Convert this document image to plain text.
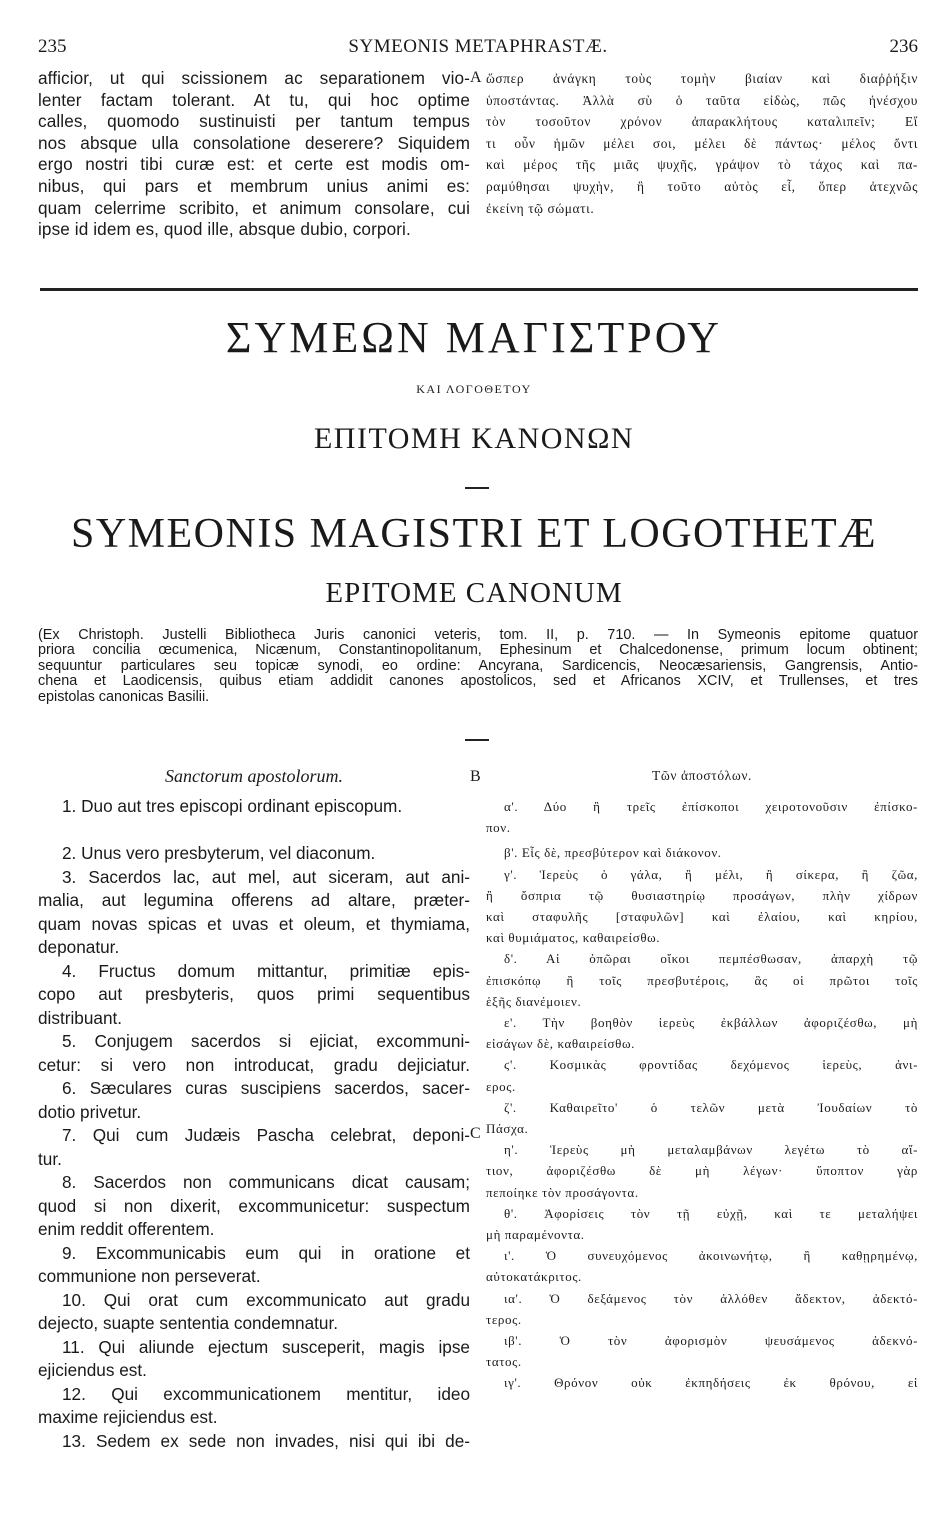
235	SYMEONIS METAPHRASTÆ.	236
afficior, ut qui scissionem ac separationem vio-
lenter factam tolerant. At tu, qui hoc optime
calles, quomodo sustinuisti per tantum tempus
nos absque ulla consolatione deserere? Siquidem
ergo nostri tibi curæ est: et certe est modis om-
nibus, qui pars et membrum unius animi es:
quam celerrime scribito, et animum consolare, cui
ipse id idem es, quod ille, absque dubio, corpori.
A ὥσπερ ἀνάγκη τοὺς τομὴν βιαίαν καὶ διαῤῥήξιν
ὑποστάντας. Ἀλλὰ σὺ ὁ ταῦτα εἰδὼς, πῶς ἠνέσχου
τὸν τοσοῦτον χρόνον ἀπαρακλήτους καταλιπεῖν; Εἴ
τι οὖν ἡμῶν μέλει σοι, μέλει δὲ πάντως· μέλος ὄντι
καὶ μέρος τῆς μιᾶς ψυχῆς, γράψον τὸ τάχος καὶ πα-
ραμύθησαι ψυχὴν, ἣ τοῦτο αὐτὸς εἶ, ὅπερ ἀτεχνῶς
ἐκείνη τῷ σώματι.
ΣΥΜΕΩΝ ΜΑΓΙΣΤΡΟΥ
ΚΑΙ ΛΟΓΟΘΕΤΟΥ
ΕΠΙΤΟΜΗ ΚΑΝΟΝΩΝ
SYMEONIS MAGISTRI ET LOGOTHETÆ
EPITOME CANONUM
(Ex Christoph. Justelli Bibliotheca Juris canonici veteris, tom. II, p. 710. — In Symeonis epitome quatuor
priora concilia œcumenica, Nicænum, Constantinopolitanum, Ephesinum et Chalcedonense, primum locum obtinent;
sequuntur particulares seu topicæ synodi, eo ordine: Ancyrana, Sardicencis, Neocæsariensis, Gangrensis, Antio-
chena et Laodicensis, quibus etiam addidit canones apostolicos, sed et Africanos XCIV, et Trullenses, et tres
epistolas canonicas Basilii.
Sanctorum apostolorum.	B	Τῶν ἀποστόλων.
1. Duo aut tres episcopi ordinant episcopum.

2. Unus vero presbyterum, vel diaconum.
3. Sacerdos lac, aut mel, aut siceram, aut ani-
malia, aut legumina offerens ad altare, præter-
quam novas spicas et uvas et oleum, et thymiama,
deponatur.
4. Fructus domum mittantur, primitiæ epis-
copo aut presbyteris, quos primi sequentibus
distribuant.
5. Conjugem sacerdos si ejiciat, excommuni-
cetur: si vero non introducat, gradu dejiciatur.
6. Sæculares curas suscipiens sacerdos, sacer-
dotio privetur.
7. Qui cum Judæis Pascha celebrat, deponi-
tur.
8. Sacerdos non communicans dicat causam;
quod si non dixerit, excommunicetur: suspectum
enim reddit offerentem.
9. Excommunicabis eum qui in oratione et
communione non perseverat.
10. Qui orat cum excommunicato aut gradu
dejecto, suapte sententia condemnatur.
11. Qui aliunde ejectum susceperit, magis ipse
ejiciendus est.
12. Qui excommunicationem mentitur, ideo
maxime rejiciendus est.
13. Sedem ex sede non invades, nisi qui ibi de-
C
α'. Δύο ἢ τρεῖς ἐπίσκοποι χειροτονοῦσιν ἐπίσκο-
πον.
β'. Εἷς δὲ, πρεσβύτερον καὶ διάκονον.
γ'. Ἱερεὺς ὁ γάλα, ἢ μέλι, ἢ σίκερα, ἢ ζῶα,
ἢ ὄσπρια τῷ θυσιαστηρίῳ προσάγων, πλὴν χίδρων
καὶ σταφυλῆς [σταφυλῶν] καὶ ἐλαίου, καὶ κηρίου,
καὶ θυμιάματος, καθαιρείσθω.
δ'. Αἱ ὀπῶραι οἴκοι πεμπέσθωσαν, ἀπαρχὴ τῷ
ἐπισκόπῳ ἢ τοῖς πρεσβυτέροις, ἃς οἱ πρῶτοι τοῖς
ἑξῆς διανέμοιεν.
ε'. Τὴν βοηθὸν ἱερεὺς ἐκβάλλων ἀφοριζέσθω, μὴ
εἰσάγων δὲ, καθαιρείσθω.
ϛ'. Κοσμικὰς φροντίδας δεχόμενος ἱερεὺς, ἀνι-
ερος.
ζ'. Καθαιρεῖτο' ὁ τελῶν μετὰ Ἰουδαίων τὸ
Πάσχα.
η'. Ἱερεὺς μὴ μεταλαμβάνων λεγέτω τὸ αἴ-
τιον, ἀφοριζέσθω δὲ μὴ λέγων· ὕποπτον γὰρ
πεποίηκε τὸν προσάγοντα.
θ'. Ἀφορίσεις τὸν τῇ εὐχῇ, καὶ τε μεταλήψει
μὴ παραμένοντα.
ι'. Ὁ συνευχόμενος ἀκοινωνήτῳ, ἢ καθῃρημένῳ,
αὐτοκατάκριτος.
ια'. Ὁ δεξάμενος τὸν ἀλλόθεν ἄδεκτον, ἀδεκτό-
τερος.
ιβ'. Ὁ τὸν ἀφορισμὸν ψευσάμενος ἀδεκνό-
τατος.
ιγ'. Θρόνον οὐκ ἐκπηδήσεις ἐκ θρόνου, εἰ
